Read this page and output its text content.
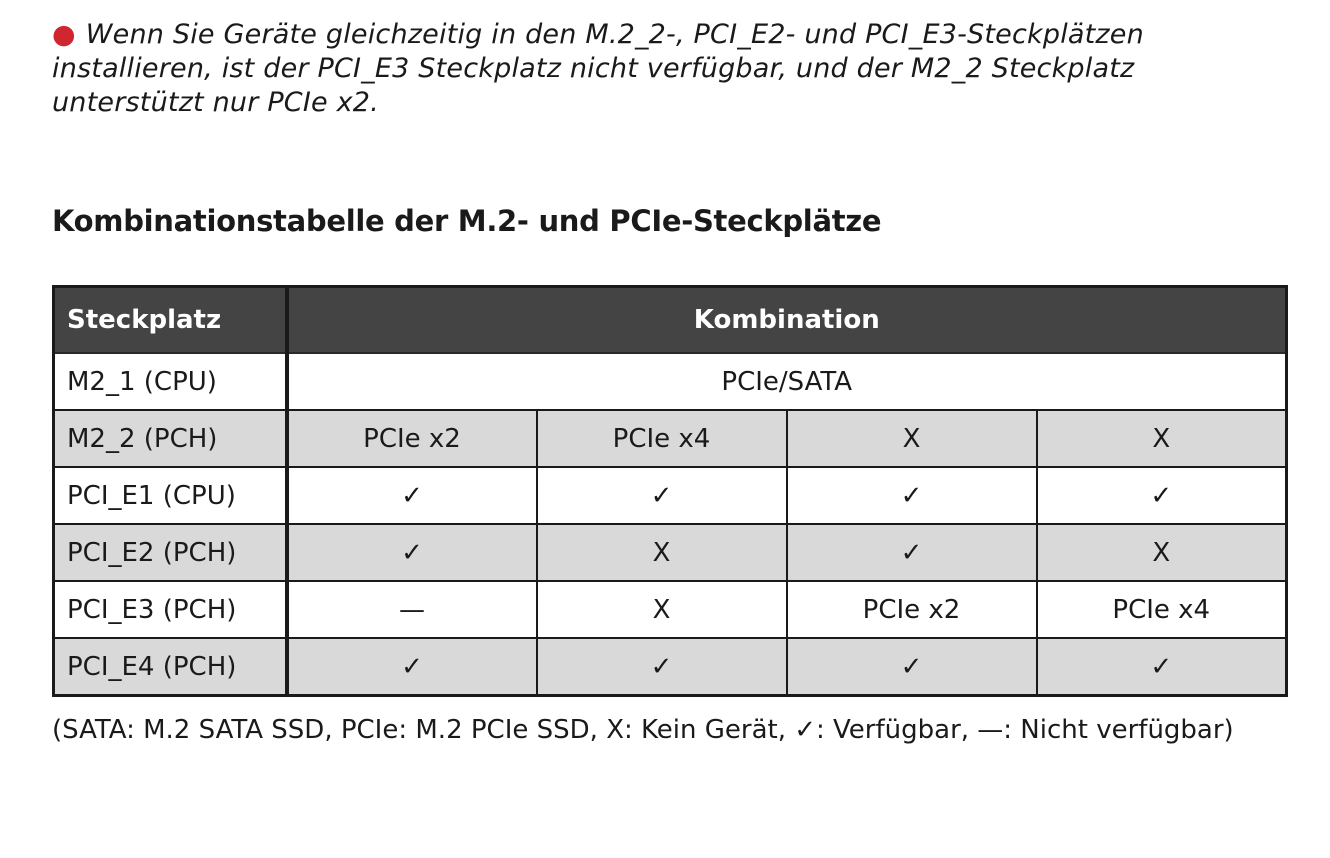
● Wenn Sie Geräte gleichzeitig in den M.2_2-, PCI_E2- und PCI_E3-Steckplätzen installieren, ist der PCI_E3 Steckplatz nicht verfügbar, und der M2_2 Steckplatz unterstützt nur PCIe x2.
Kombinationstabelle der M.2- und PCIe-Steckplätze
Steckplatz	Kombination			
M2_1 (CPU)	PCIe/SATA			
M2_2 (PCH)	PCIe x2	PCIe x4	X	X
PCI_E1 (CPU)	✓	✓	✓	✓
PCI_E2 (PCH)	✓	X	✓	X
PCI_E3 (PCH)	—	X	PCIe x2	PCIe x4
PCI_E4 (PCH)	✓	✓	✓	✓
(SATA: M.2 SATA SSD, PCIe: M.2 PCIe SSD, X: Kein Gerät, ✓: Verfügbar, —: Nicht verfügbar)
